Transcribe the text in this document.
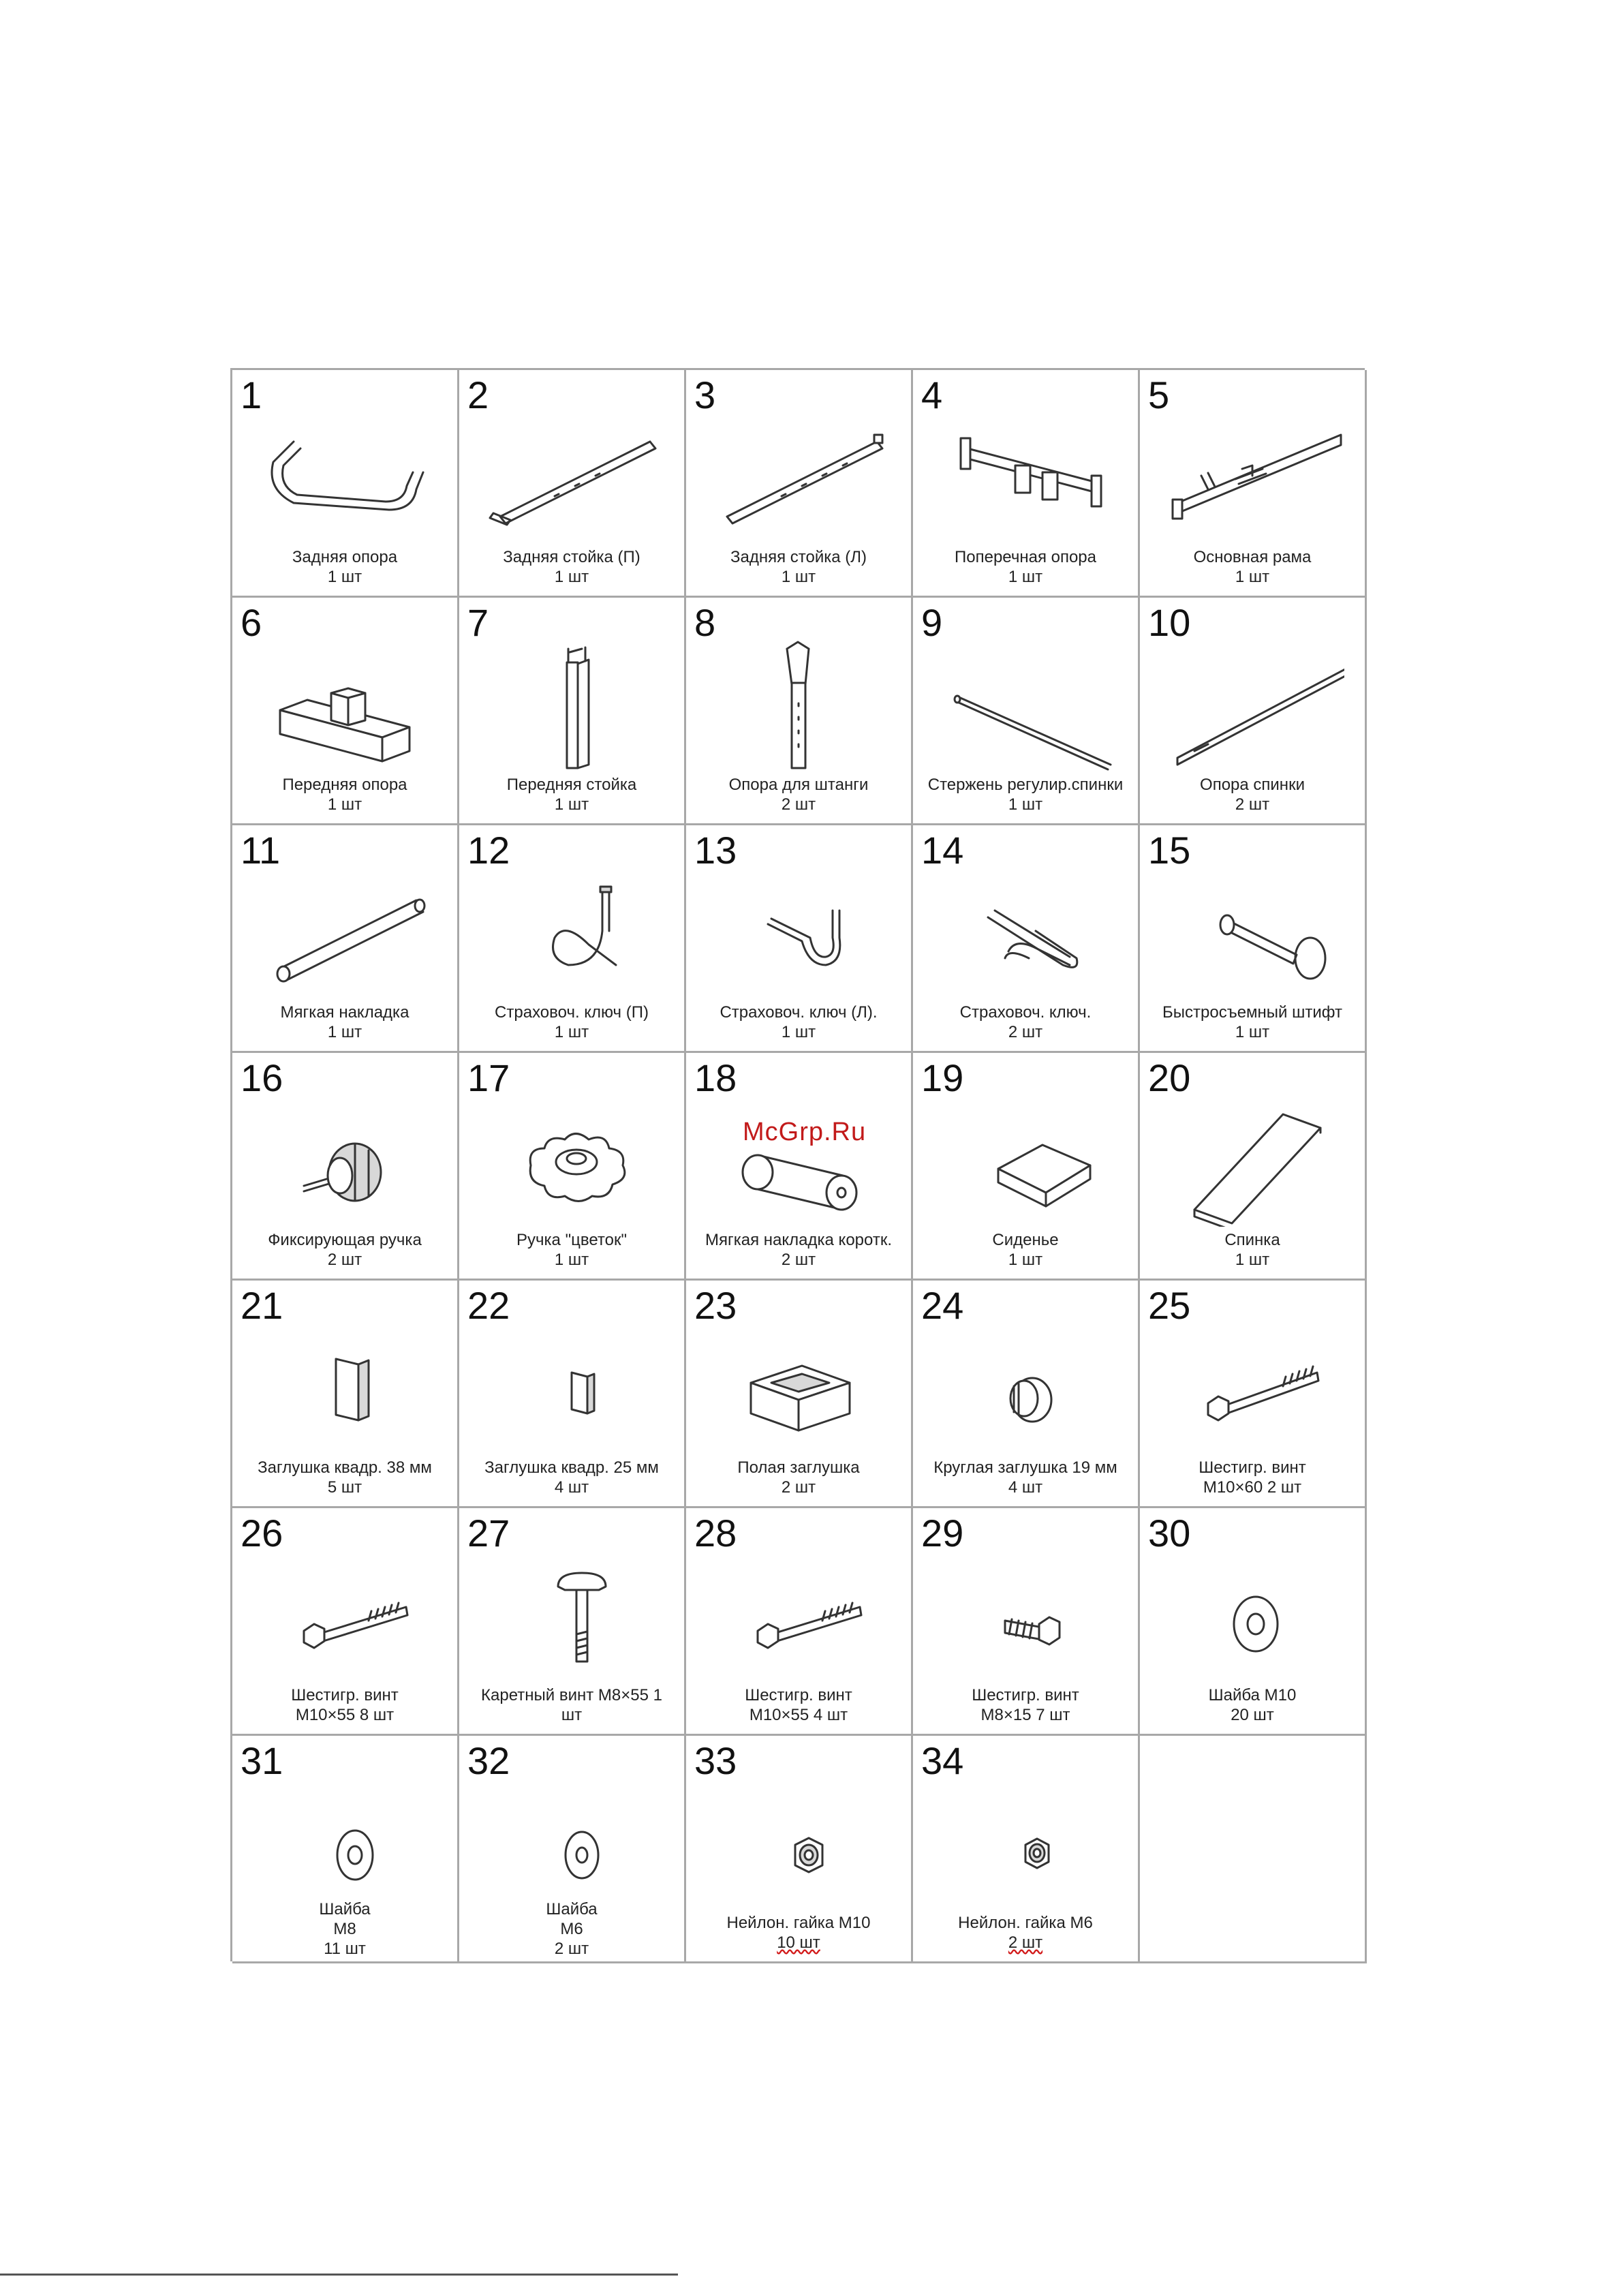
1
Задняя опора
1 шт
2
Задняя стойка (П)
1 шт
3
Задняя стойка (Л)
1 шт
4
Поперечная опора
1 шт
5
Основная рама
1 шт
6
Передняя опора
1 шт
7
Передняя стойка
1 шт
8
Опора для штанги
2 шт
9
Стержень регулир.спинки
1 шт
10
Опора спинки
2 шт
11
Мягкая накладка
1 шт
12
Страховоч. ключ (П)
1 шт
13
Страховоч. ключ (Л).
1 шт
14
Страховоч. ключ.
2 шт
15
Быстросъемный штифт
1 шт
16
Фиксирующая ручка
2 шт
17
Ручка "цветок"
1 шт
18
Мягкая накладка коротк.
2 шт
19
Сиденье
1 шт
20
Спинка
1 шт
21
Заглушка квадр. 38 мм
5 шт
22
Заглушка квадр. 25 мм
4 шт
23
Полая заглушка
2 шт
24
Круглая заглушка 19 мм
4 шт
25
Шестигр. винт
M10×60 2 шт
26
Шестигр. винт
M10×55 8 шт
27
Каретный винт M8×55 1
шт
28
Шестигр. винт
M10×55 4 шт
29
Шестигр. винт
M8×15 7 шт
30
Шайба M10
20 шт
31
Шайба
M8
11 шт
32
Шайба
M6
2 шт
33
Нейлон. гайка M10
10 шт
34
Нейлон. гайка M6
2 шт
McGrp.Ru
